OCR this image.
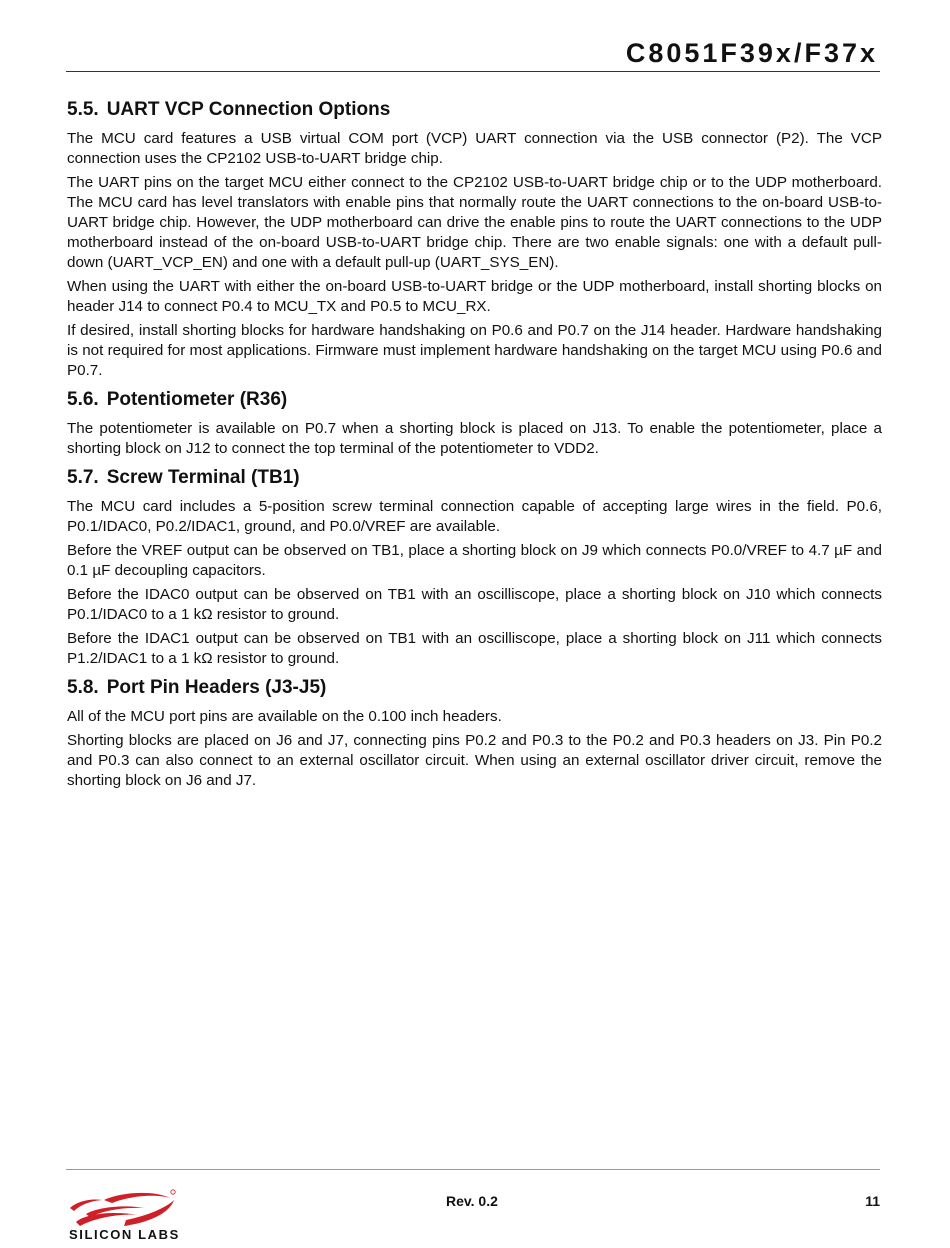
C8051F39x/F37x
5.5. UART VCP Connection Options

The MCU card features a USB virtual COM port (VCP) UART connection via the USB connector (P2). The VCP connection uses the CP2102 USB-to-UART bridge chip.

The UART pins on the target MCU either connect to the CP2102 USB-to-UART bridge chip or to the UDP motherboard. The MCU card has level translators with enable pins that normally route the UART connections to the on-board USB-to-UART bridge chip. However, the UDP motherboard can drive the enable pins to route the UART connections to the UDP motherboard instead of the on-board USB-to-UART bridge chip. There are two enable signals: one with a default pull-down (UART_VCP_EN) and one with a default pull-up (UART_SYS_EN).

When using the UART with either the on-board USB-to-UART bridge or the UDP motherboard, install shorting blocks on header J14 to connect P0.4 to MCU_TX and P0.5 to MCU_RX.

If desired, install shorting blocks for hardware handshaking on P0.6 and P0.7 on the J14 header. Hardware handshaking is not required for most applications. Firmware must implement hardware handshaking on the target MCU using P0.6 and P0.7.

5.6. Potentiometer (R36)

The potentiometer is available on P0.7 when a shorting block is placed on J13. To enable the potentiometer, place a shorting block on J12 to connect the top terminal of the potentiometer to VDD2.

5.7. Screw Terminal (TB1)

The MCU card includes a 5-position screw terminal connection capable of accepting large wires in the field. P0.6, P0.1/IDAC0, P0.2/IDAC1, ground, and P0.0/VREF are available.

Before the VREF output can be observed on TB1, place a shorting block on J9 which connects P0.0/VREF to 4.7 µF and 0.1 µF decoupling capacitors.

Before the IDAC0 output can be observed on TB1 with an oscilliscope, place a shorting block on J10 which connects P0.1/IDAC0 to a 1 kΩ resistor to ground.

Before the IDAC1 output can be observed on TB1 with an oscilliscope, place a shorting block on J11 which connects P1.2/IDAC1 to a 1 kΩ resistor to ground.

5.8. Port Pin Headers (J3-J5)

All of the MCU port pins are available on the 0.100 inch headers.

Shorting blocks are placed on J6 and J7, connecting pins P0.2 and P0.3 to the P0.2 and P0.3 headers on J3. Pin P0.2 and P0.3 can also connect to an external oscillator circuit. When using an external oscillator driver circuit, remove the shorting block on J6 and J7.

SILICON LABS
Rev. 0.2	11
